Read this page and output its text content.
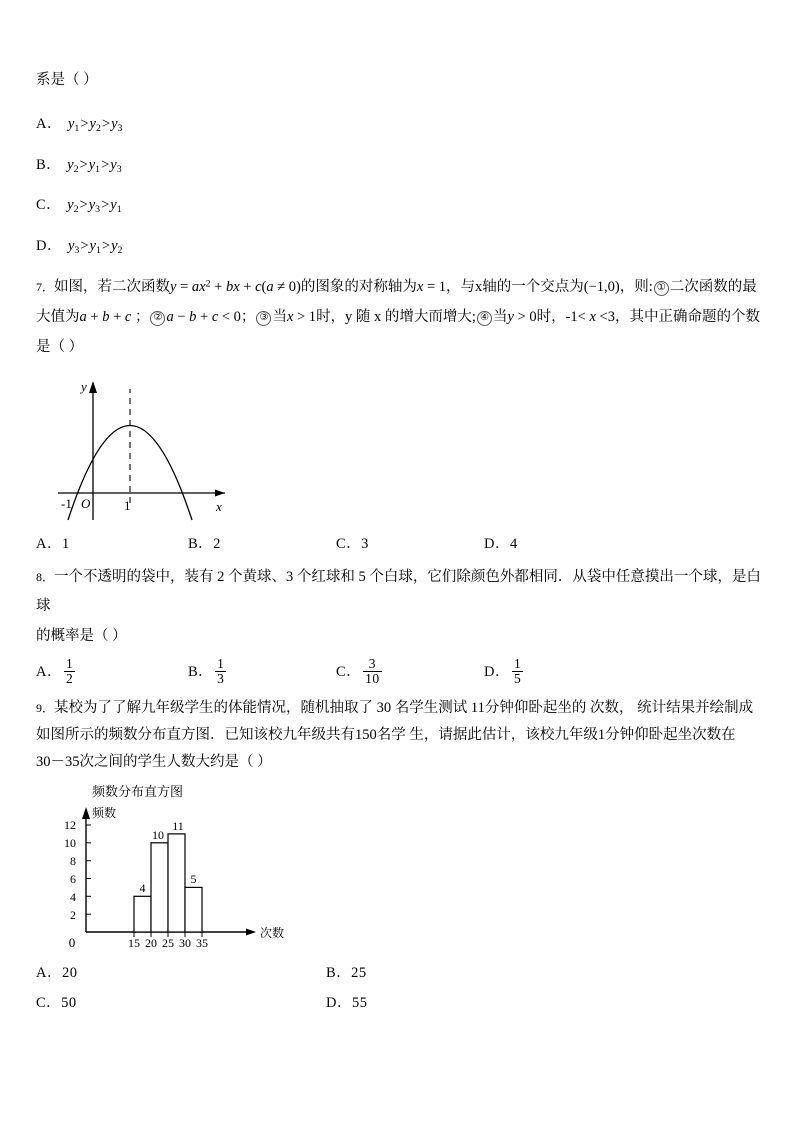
系是（ ）
A． $y_1>y_2>y_3$
B． $y_2>y_1>y_3$
C． $y_2>y_3>y_1$
D． $y_3>y_1>y_2$
7．如图，若二次函数$y = ax^2$ + bx + c(a ≠ 0)的图象的对称轴为x = 1，与x轴的一个交点为(−1,0)，则: ① 二次函数的最大值为a + b + c ； ② a − b + c < 0； ③ 当x > 1时，y 随 x 的增大而增大; ④ 当y > 0时，-1< x <3，其中正确命题的个数是（ ）
-1 O	1	x
y
A．1	B．2	C．3	D．4
8．一个不透明的袋中，装有 2 个黄球、3 个红球和 5 个白球，它们除颜色外都相同．从袋中任意摸出一个球，是白球
的概率是（ ）
A． $\frac{1}{2}$	B． $\frac{1}{3}$	C． $\frac{3}{10}$	D． $\frac{1}{5}$
9．某校为了了解九年级学生的体能情况，随机抽取了 30 名学生测试 11分钟仰卧起坐的 次数， 统计结果并绘制成
如图所示的频数分布直方图．已知该校九年级共有150名学 生，请据此估计，该校九年级1分钟仰卧起坐次数在
30－35次之间的学生人数大约是（ ）
频数分布直方图
频数
次数
2
4
6
8
10
12
0
4
10
11
5
15 20 25 30 35
A．20	B．25
C．50	D．55
